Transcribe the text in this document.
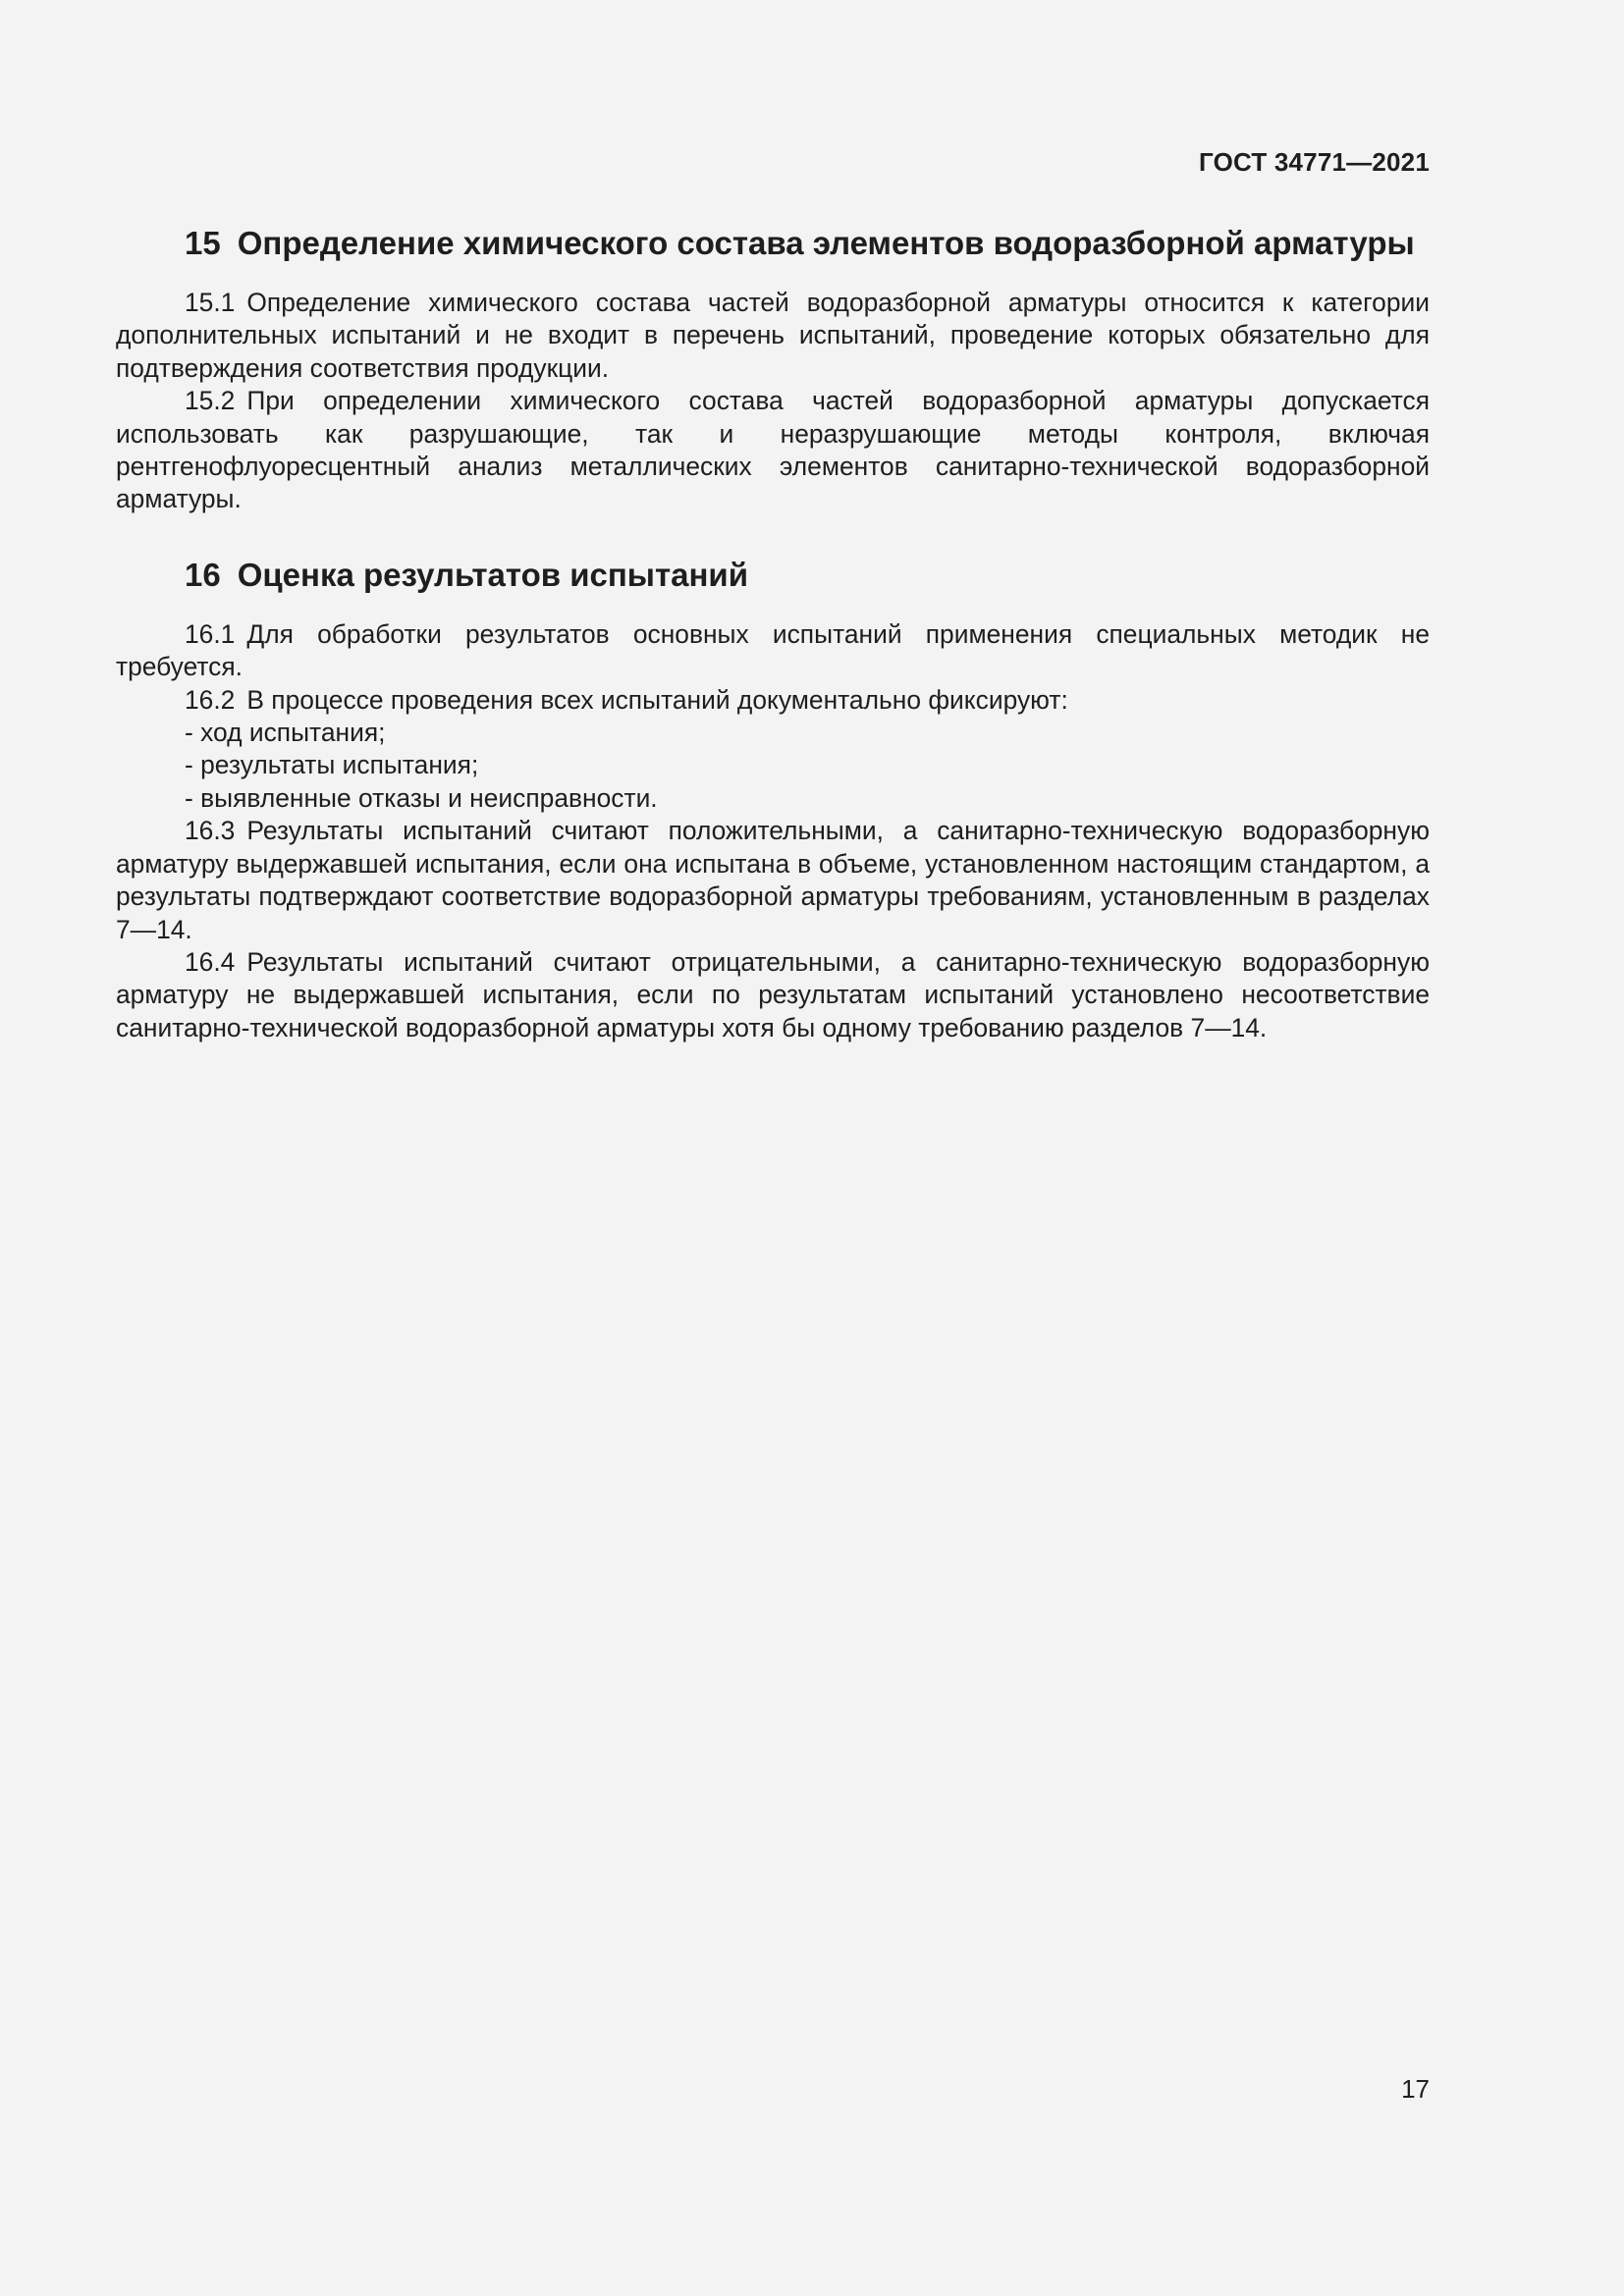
ГОСТ 34771—2021
15 Определение химического состава элементов водоразборной арматуры

15.1 Определение химического состава частей водоразборной арматуры относится к категории дополнительных испытаний и не входит в перечень испытаний, проведение которых обязательно для подтверждения соответствия продукции.

15.2 При определении химического состава частей водоразборной арматуры допускается использовать как разрушающие, так и неразрушающие методы контроля, включая рентгенофлуоресцентный анализ металлических элементов санитарно-технической водоразборной арматуры.

16 Оценка результатов испытаний

16.1 Для обработки результатов основных испытаний применения специальных методик не требуется.

16.2 В процессе проведения всех испытаний документально фиксируют:

- ход испытания;

- результаты испытания;

- выявленные отказы и неисправности.

16.3 Результаты испытаний считают положительными, а санитарно-техническую водоразборную арматуру выдержавшей испытания, если она испытана в объеме, установленном настоящим стандартом, а результаты подтверждают соответствие водоразборной арматуры требованиям, установленным в разделах 7—14.

16.4 Результаты испытаний считают отрицательными, а санитарно-техническую водоразборную арматуру не выдержавшей испытания, если по результатам испытаний установлено несоответствие санитарно-технической водоразборной арматуры хотя бы одному требованию разделов 7—14.

17
